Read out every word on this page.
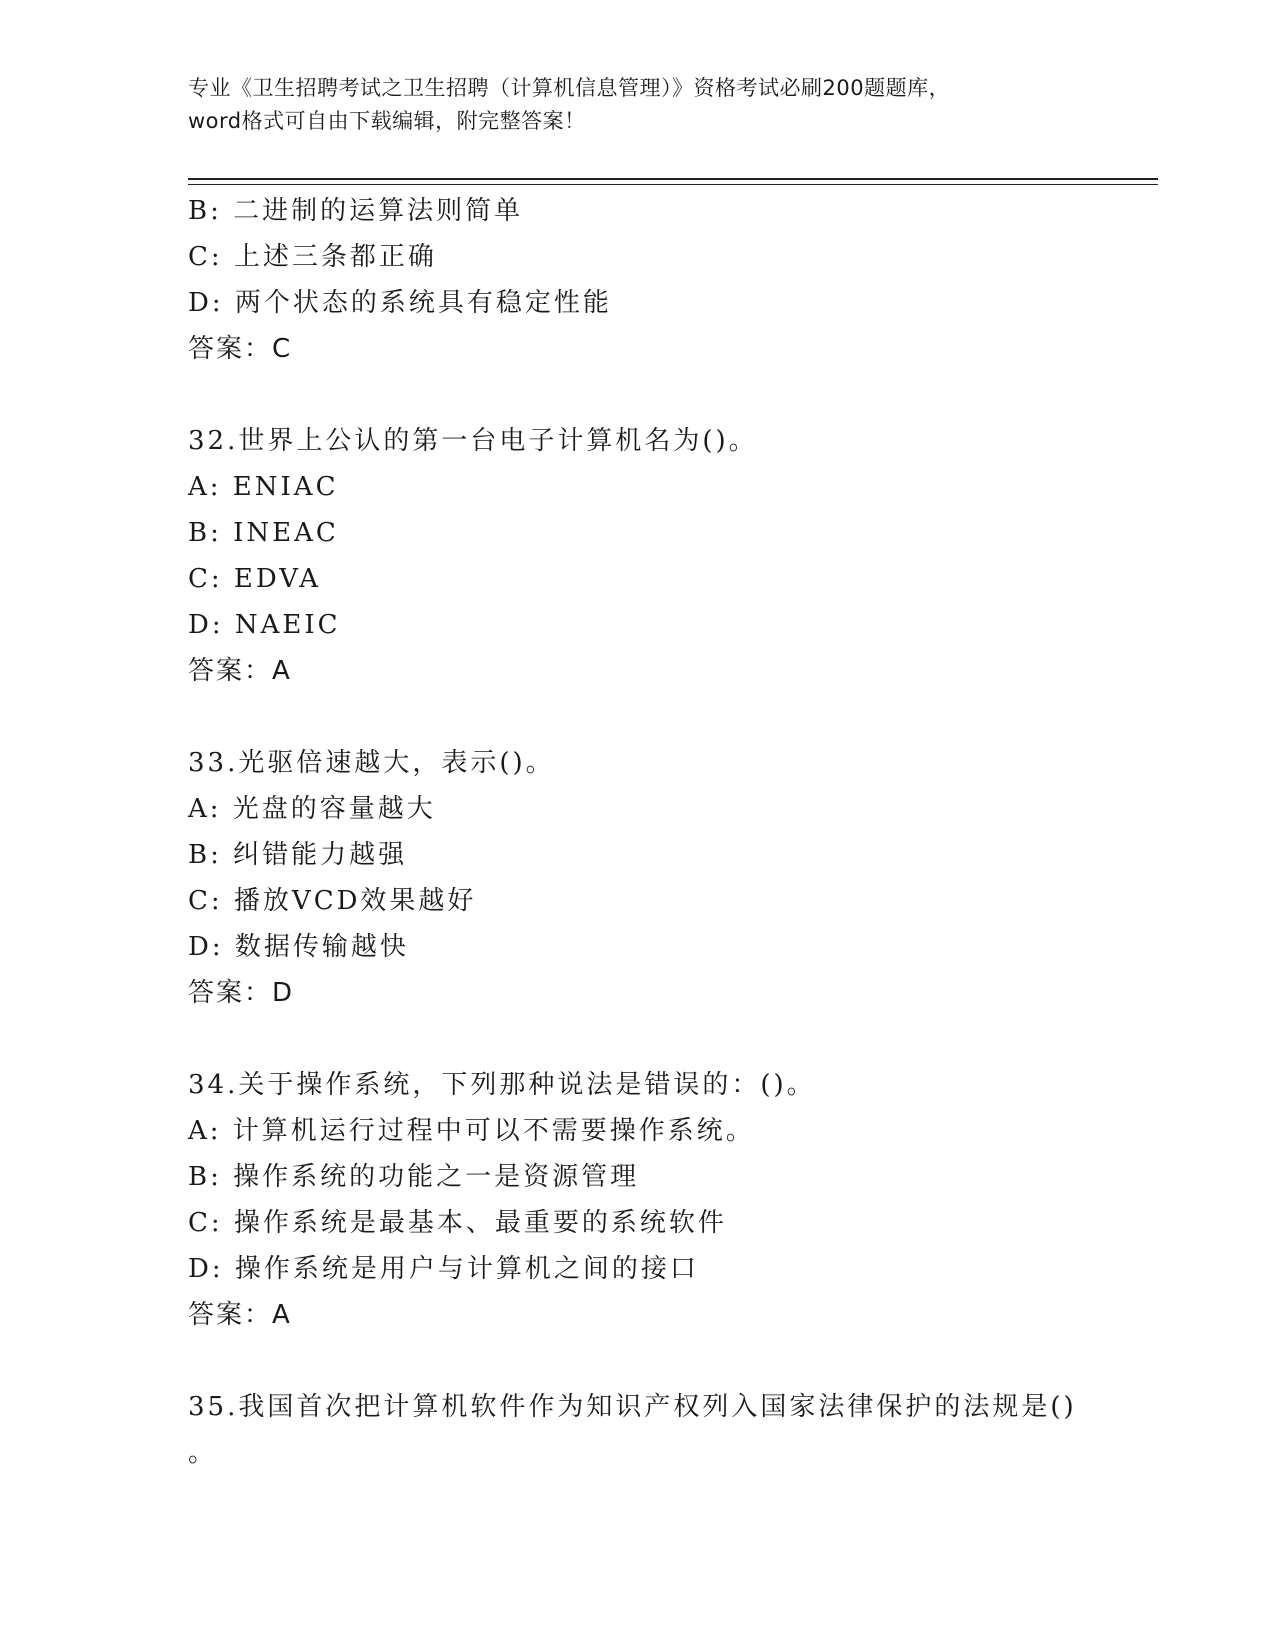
专业《卫生招聘考试之卫生招聘（计算机信息管理）》资格考试必刷200题题库，
word格式可自由下载编辑，附完整答案！
B: 二进制的运算法则简单
C: 上述三条都正确
D: 两个状态的系统具有稳定性能
答案：C
32.世界上公认的第一台电子计算机名为()。
A: ENIAC
B: INEAC
C: EDVA
D: NAEIC
答案：A
33.光驱倍速越大，表示()。
A: 光盘的容量越大
B: 纠错能力越强
C: 播放VCD效果越好
D: 数据传输越快
答案：D
34.关于操作系统，下列那种说法是错误的：()。
A: 计算机运行过程中可以不需要操作系统。
B: 操作系统的功能之一是资源管理
C: 操作系统是最基本、最重要的系统软件
D: 操作系统是用户与计算机之间的接口
答案：A
35.我国首次把计算机软件作为知识产权列入国家法律保护的法规是()
。
